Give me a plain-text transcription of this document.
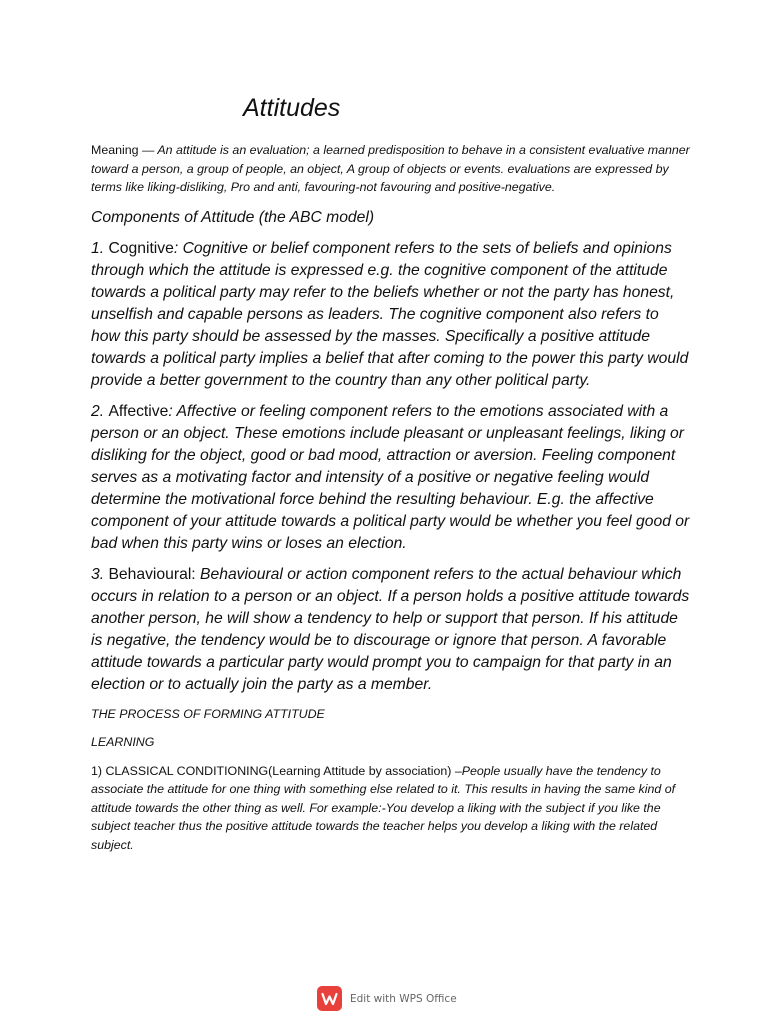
Attitudes

Meaning — An attitude is an evaluation; a learned predisposition to behave in a consistent evaluative manner toward a person, a group of people, an object, A group of objects or events. evaluations are expressed by terms like liking-disliking, Pro and anti, favouring-not favouring and positive-negative.

Components of Attitude (the ABC model)

1. Cognitive: Cognitive or belief component refers to the sets of beliefs and opinions through which the attitude is expressed e.g. the cognitive component of the attitude towards a political party may refer to the beliefs whether or not the party has honest, unselfish and capable persons as leaders. The cognitive component also refers to how this party should be assessed by the masses. Specifically a positive attitude towards a political party implies a belief that after coming to the power this party would provide a better government to the country than any other political party.

2. Affective: Affective or feeling component refers to the emotions associated with a person or an object. These emotions include pleasant or unpleasant feelings, liking or disliking for the object, good or bad mood, attraction or aversion. Feeling component serves as a motivating factor and intensity of a positive or negative feeling would determine the motivational force behind the resulting behaviour. E.g. the affective component of your attitude towards a political party would be whether you feel good or bad when this party wins or loses an election.

3. Behavioural: Behavioural or action component refers to the actual behaviour which occurs in relation to a person or an object. If a person holds a positive attitude towards another person, he will show a tendency to help or support that person. If his attitude is negative, the tendency would be to discourage or ignore that person. A favorable attitude towards a particular party would prompt you to campaign for that party in an election or to actually join the party as a member.

THE PROCESS OF FORMING ATTITUDE

LEARNING

1) CLASSICAL CONDITIONING(Learning Attitude by association) –People usually have the tendency to associate the attitude for one thing with something else related to it. This results in having the same kind of attitude towards the other thing as well. For example:-You develop a liking with the subject if you like the subject teacher thus the positive attitude towards the teacher helps you develop a liking with the related subject.

Edit with WPS Office
